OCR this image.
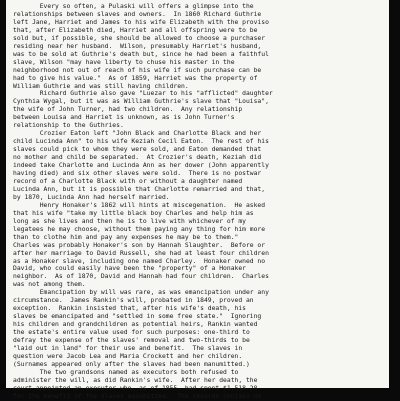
Every so often, a Pulaski will offers a glimpse into the
relationships between slaves and owners.  In 1860 Richard Guthrie
left Jane, Harriet and James to his wife Elizabeth with the proviso
that, after Elizabeth died, Harriet and all offspring were to be
sold but, if possible, she should be allowed to choose a purchaser
residing near her husband.  Wilson, presumably Harriet's husband,
was to be sold at Guthrie's death but, since he had been a faithful
slave, Wilson "may have liberty to chuse his master in the
neighborhood not out of reach of his wife if such purchase can be
had to give his value."  As of 1859, Harriet was the property of
William Guthrie and was still having children.
Richard Guthrie also gave "Luezar to his "afflicted" daughter
Cynthia Wygal, but it was as William Guthrie's slave that "Louisa",
the wife of John Turner, had two children.  Any relationship
between Louisa and Harriet is unknown, as is John Turner's
relationship to the Guthries.

Crozier Eaton left "John Black and Charlotte Black and her
child Lucinda Ann" to his wife Keziah Cecil Eaton.  The rest of his
slaves could pick to whom they were sold, and Eaton demanded that
no mother and child be separated.  At Crozier's death, Keziah did
indeed take Charlotte and Lucinda Ann as her dower (John apparently
having died) and six other slaves were sold.  There is no postwar
record of a Charlotte Black with or without a daughter named
Lucinda Ann, but it is possible that Charlotte remarried and that,
by 1870, Lucinda Ann had herself married.

Henry Honaker's 1862 will hints at miscegenation.  He asked
that his wife "take my little black boy Charles and help him as
long as she lives and then he is to live with whichever of my
legatees he may choose, without them paying any thing for him more
than to clothe him and pay any expenses he may be to them."
Charles was probably Honaker's son by Hannah Slaughter.  Before or
after her marriage to David Russell, she had at least four children
as a Honaker slave, including one named Charley.  Honaker owned no
David, who could easily have been the "property" of a Honaker
neighbor.  As of 1870, David and Hannah had four children.  Charles
was not among them.

Emancipation by will was rare, as was emancipation under any
circumstance.  James Rankin's will, probated in 1849, proved an
exception.  Rankin insisted that, after his wife's death, his
slaves be emancipated and "settled in some free state."  Ignoring
his children and grandchildren as potential heirs, Rankin wanted
the estate's entire value used for such purposes: one-third to
defray the expense of the slaves' removal and two-thirds to be
"laid out in land" for their use and benefit.  The slaves in
question were Jacob Lea and Maria Crockett and her children.
(Surnames appeared only after the slaves had been manumitted.)

The two grandsons named as executors both refused to
administer the will, as did Rankin's wife.  After her death, the
court appointed an executor who, as of 1855, had spent $1,518.28
for the benefit of the slaves manumitted.  The records contain no
